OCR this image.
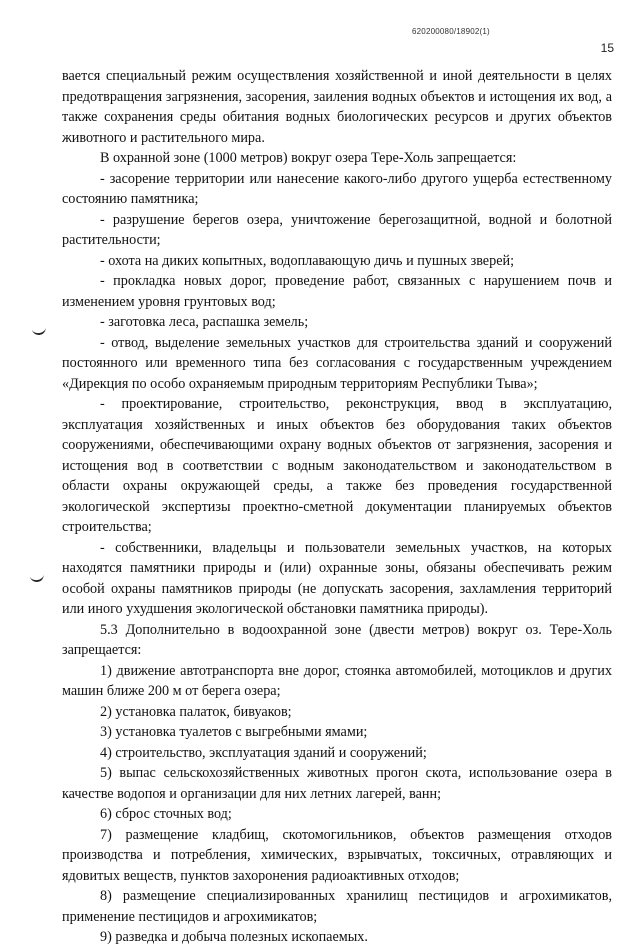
620200080/18902(1)
15

вается специальный режим осуществления хозяйственной и иной деятельности в целях предотвращения загрязнения, засорения, заиления водных объектов и истощения их вод, а также сохранения среды обитания водных биологических ресурсов и других объектов животного и растительного мира.

В охранной зоне (1000 метров) вокруг озера Тере-Холь запрещается:

- засорение территории или нанесение какого-либо другого ущерба естественному состоянию памятника;

- разрушение берегов озера, уничтожение берегозащитной, водной и болотной растительности;

- охота на диких копытных, водоплавающую дичь и пушных зверей;

- прокладка новых дорог, проведение работ, связанных с нарушением почв и изменением уровня грунтовых вод;

- заготовка леса, распашка земель;

- отвод, выделение земельных участков для строительства зданий и сооружений постоянного или временного типа без согласования с государственным учреждением «Дирекция по особо охраняемым природным территориям Республики Тыва»;

- проектирование, строительство, реконструкция, ввод в эксплуатацию, эксплуатация хозяйственных и иных объектов без оборудования таких объектов сооружениями, обеспечивающими охрану водных объектов от загрязнения, засорения и истощения вод в соответствии с водным законодательством и законодательством в области охраны окружающей среды, а также без проведения государственной экологической экспертизы проектно-сметной документации планируемых объектов строительства;

- собственники, владельцы и пользователи земельных участков, на которых находятся памятники природы и (или) охранные зоны, обязаны обеспечивать режим особой охраны памятников природы (не допускать засорения, захламления территорий или иного ухудшения экологической обстановки памятника природы).

5.3 Дополнительно в водоохранной зоне (двести метров) вокруг оз. Тере-Холь запрещается:

1) движение автотранспорта вне дорог, стоянка автомобилей, мотоциклов и других машин ближе 200 м от берега озера;

2) установка палаток, бивуаков;

3) установка туалетов с выгребными ямами;

4) строительство, эксплуатация зданий и сооружений;

5) выпас сельскохозяйственных животных прогон скота, использование озера в качестве водопоя и организации для них летних лагерей, ванн;

6) сброс сточных вод;

7) размещение кладбищ, скотомогильников, объектов размещения отходов производства и потребления, химических, взрывчатых, токсичных, отравляющих и ядовитых веществ, пунктов захоронения радиоактивных отходов;

8) размещение специализированных хранилищ пестицидов и агрохимикатов, применение пестицидов и агрохимикатов;

9) разведка и добыча полезных ископаемых.
